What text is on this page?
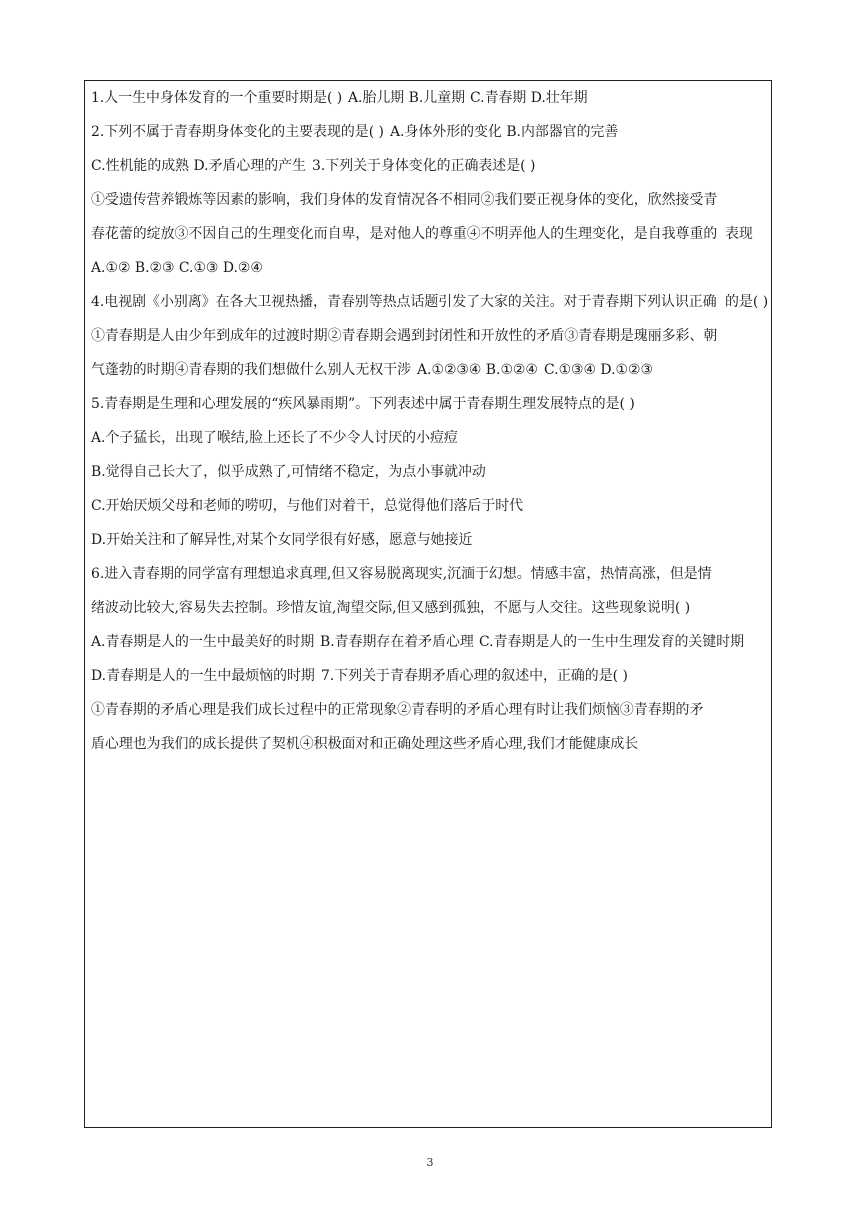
1.人一生中身体发育的一个重要时期是( ) A.胎儿期 B.儿童期 C.青春期 D.壮年期 2.下列不属于青春期身体变化的主要表现的是( ) A.身体外形的变化 B.内部器官的完善 C.性机能的成熟 D.矛盾心理的产生 3.下列关于身体变化的正确表述是( ) ①受遗传营养锻炼等因素的影响，我们身体的发育情况各不相同②我们要正视身体的变化，欣然接受青 春花蕾的绽放③不因自己的生理变化而自卑，是对他人的尊重④不明弄他人的生理变化，是自我尊重的 表现 A.①② B.②③ C.①③ D.②④ 4.电视剧《小别离》在各大卫视热播，青春别等热点话题引发了大家的关注。对于青春期下列认识正确 的是( ) ①青春期是人由少年到成年的过渡时期②青春期会遇到封闭性和开放性的矛盾③青春期是瑰丽多彩、朝 气蓬勃的时期④青春期的我们想做什么别人无权干涉 A.①②③④ B.①②④ C.①③④ D.①②③ 5.青春期是生理和心理发展的“疾风暴雨期”。下列表述中属于青春期生理发展特点的是( ) A.个子猛长，出现了喉结,脸上还长了不少令人讨厌的小痘痘 B.觉得自己长大了，似乎成熟了,可情绪不稳定，为点小事就冲动 C.开始厌烦父母和老师的唠叨，与他们对着干，总觉得他们落后于时代 D.开始关注和了解异性,对某个女同学很有好感，愿意与她接近 6.进入青春期的同学富有理想追求真理,但又容易脱离现实,沉湎于幻想。情感丰富，热情高涨，但是情 绪波动比较大,容易失去控制。珍惜友谊,淘望交际,但又感到孤独，不愿与人交往。这些现象说明( ) A.青春期是人的一生中最美好的时期 B.青春期存在着矛盾心理 C.青春期是人的一生中生理发育的关键时期 D.青春期是人的一生中最烦恼的时期 7.下列关于青春期矛盾心理的叙述中，正确的是( ) ①青春期的矛盾心理是我们成长过程中的正常现象②青春明的矛盾心理有时让我们烦恼③青春期的矛 盾心理也为我们的成长提供了契机④积极面对和正确处理这些矛盾心理,我们才能健康成长
3
